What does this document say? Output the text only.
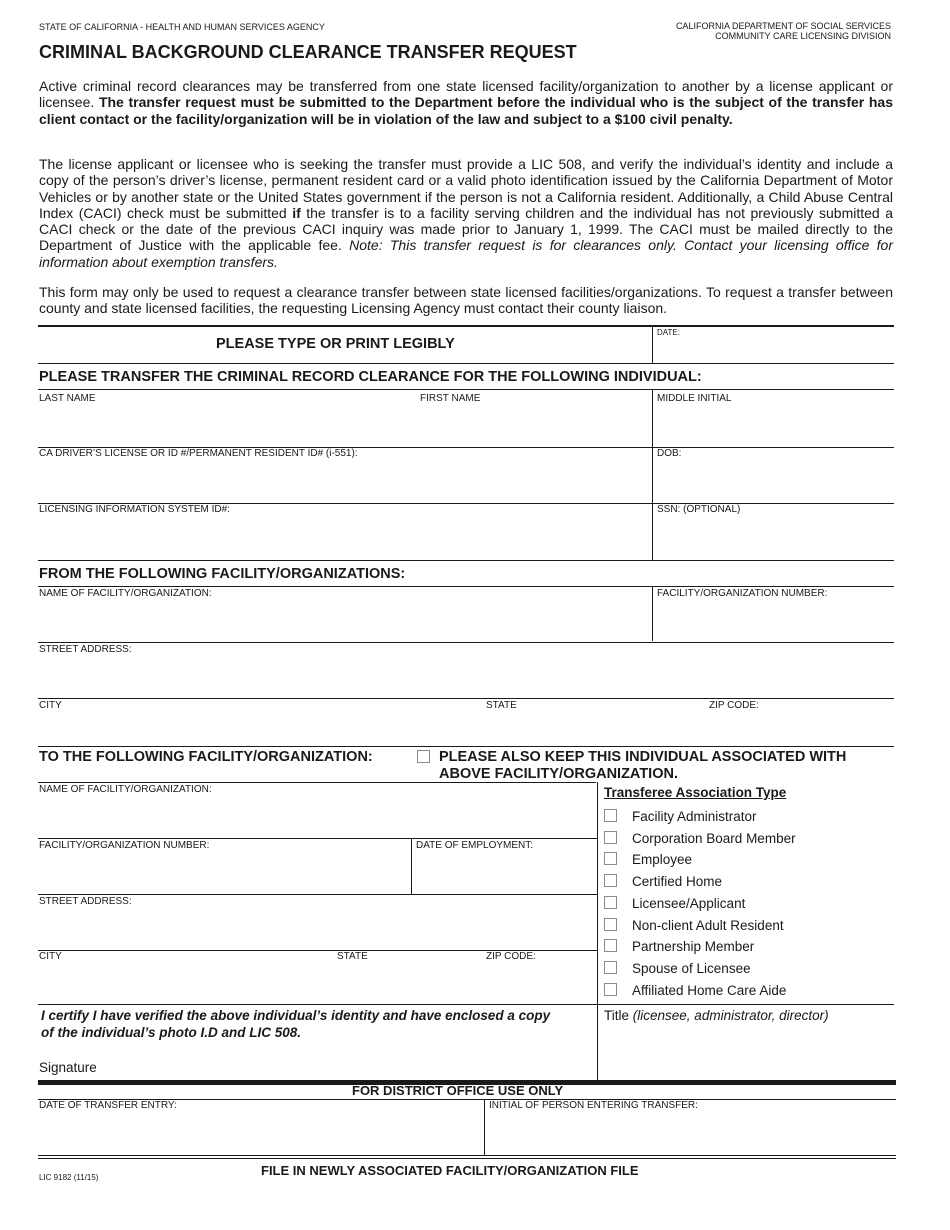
STATE OF CALIFORNIA - HEALTH AND HUMAN SERVICES AGENCY	CALIFORNIA DEPARTMENT OF SOCIAL SERVICES
COMMUNITY CARE LICENSING DIVISION
CRIMINAL BACKGROUND CLEARANCE TRANSFER REQUEST
Active criminal record clearances may be transferred from one state licensed facility/organization to another by a license applicant or licensee. The transfer request must be submitted to the Department before the individual who is the subject of the transfer has client contact or the facility/organization will be in violation of the law and subject to a $100 civil penalty.
The license applicant or licensee who is seeking the transfer must provide a LIC 508, and verify the individual’s identity and include a copy of the person’s driver’s license, permanent resident card or a valid photo identification issued by the California Department of Motor Vehicles or by another state or the United States government if the person is not a California resident. Additionally, a Child Abuse Central Index (CACI) check must be submitted if the transfer is to a facility serving children and the individual has not previously submitted a CACI check or the date of the previous CACI inquiry was made prior to January 1, 1999. The CACI must be mailed directly to the Department of Justice with the applicable fee. Note: This transfer request is for clearances only. Contact your licensing office for information about exemption transfers.
This form may only be used to request a clearance transfer between state licensed facilities/organizations. To request a transfer between county and state licensed facilities, the requesting Licensing Agency must contact their county liaison.
PLEASE TYPE OR PRINT LEGIBLY
DATE:
PLEASE TRANSFER THE CRIMINAL RECORD CLEARANCE FOR THE FOLLOWING INDIVIDUAL:
LAST NAME	FIRST NAME	MIDDLE INITIAL
CA DRIVER’S LICENSE OR ID #/PERMANENT RESIDENT ID# (i-551):	DOB:
LICENSING INFORMATION SYSTEM ID#:	SSN: (OPTIONAL)
FROM THE FOLLOWING FACILITY/ORGANIZATIONS:
NAME OF FACILITY/ORGANIZATION:	FACILITY/ORGANIZATION NUMBER:
STREET ADDRESS:
CITY	STATE	ZIP CODE:
TO THE FOLLOWING FACILITY/ORGANIZATION:	PLEASE ALSO KEEP THIS INDIVIDUAL ASSOCIATED WITH
ABOVE FACILITY/ORGANIZATION.
NAME OF FACILITY/ORGANIZATION:
FACILITY/ORGANIZATION NUMBER:	DATE OF EMPLOYMENT:
STREET ADDRESS:
CITY	STATE	ZIP CODE:
Transferee Association Type
Facility Administrator
Corporation Board Member
Employee
Certified Home
Licensee/Applicant
Non-client Adult Resident
Partnership Member
Spouse of Licensee
Affiliated Home Care Aide
I certify I have verified the above individual’s identity and have enclosed a copy
of the individual’s photo I.D and LIC 508.
Signature
Title (licensee, administrator, director)
FOR DISTRICT OFFICE USE ONLY
DATE OF TRANSFER ENTRY:	INITIAL OF PERSON ENTERING TRANSFER:
FILE IN NEWLY ASSOCIATED FACILITY/ORGANIZATION FILE
LIC 9182 (11/15)
